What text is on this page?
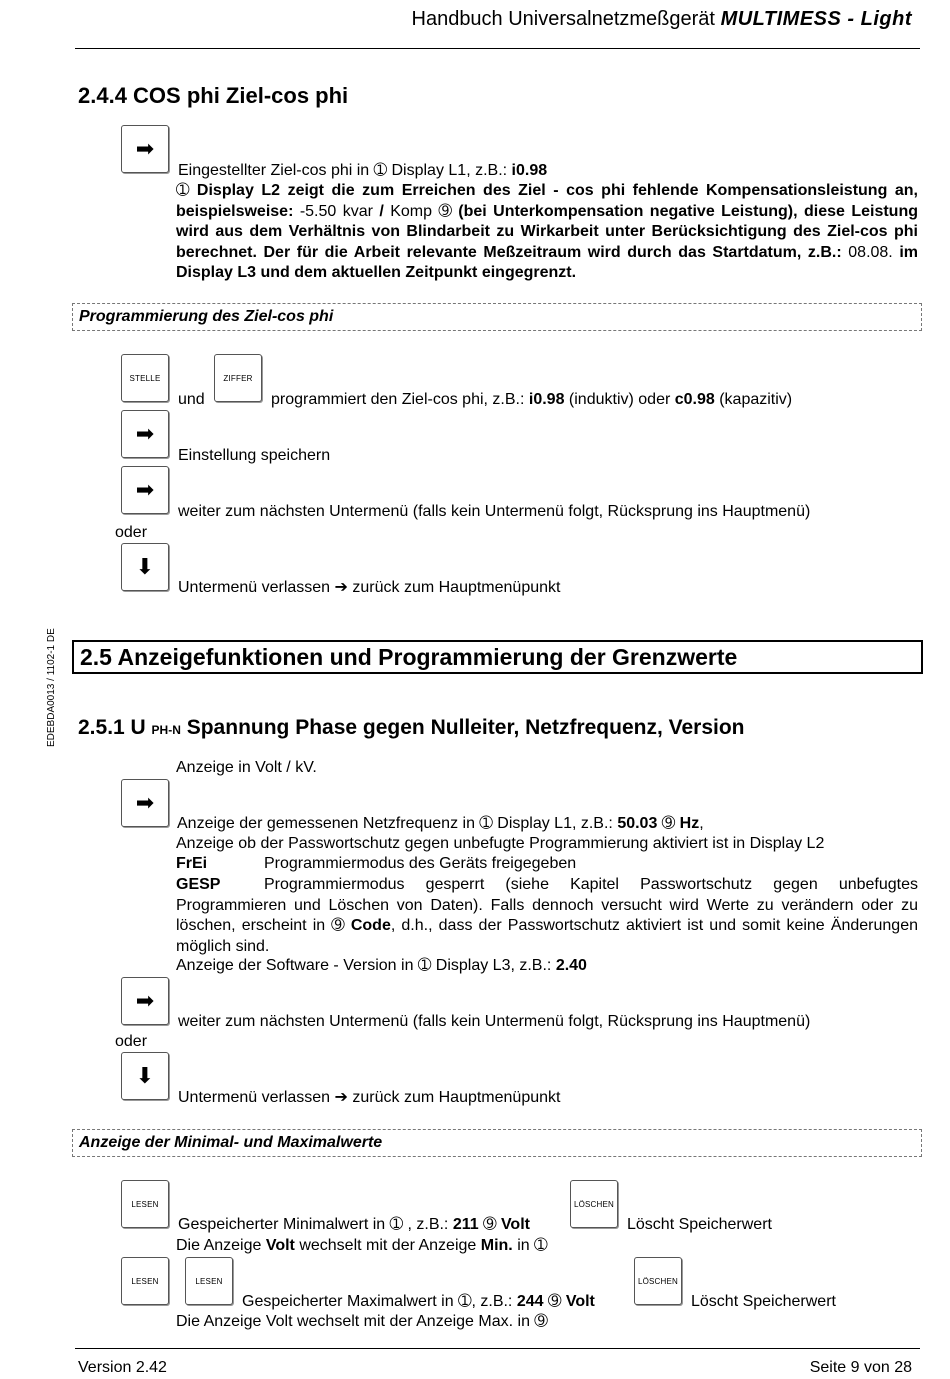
Handbuch Universalnetzmeßgerät MULTIMESS - Light
EDEBDA0013 / 1102-1 DE
2.4.4 COS phi Ziel-cos phi
➡
Eingestellter Ziel-cos phi in ➀ Display L1, z.B.: i0.98
➀ Display L2 zeigt die zum Erreichen des Ziel - cos phi fehlende Kompensationsleistung an, beispielsweise: -5.50 kvar / Komp ➈ (bei Unterkompensation negative Leistung), diese Leistung wird aus dem Verhältnis von Blindarbeit zu Wirkarbeit unter Berücksichtigung des Ziel-cos phi berechnet. Der für die Arbeit relevante Meßzeitraum wird durch das Startdatum, z.B.: 08.08. im Display L3 und dem aktuellen Zeitpunkt eingegrenzt.
Programmierung des Ziel-cos phi
STELLE
und
ZIFFER
programmiert den Ziel-cos phi, z.B.: i0.98 (induktiv) oder c0.98 (kapazitiv)
➡
Einstellung speichern
➡
weiter zum nächsten Untermenü (falls kein Untermenü folgt, Rücksprung ins Hauptmenü)
oder
⬇
Untermenü verlassen ➔ zurück zum Hauptmenüpunkt
2.5 Anzeigefunktionen und Programmierung der Grenzwerte
2.5.1 U PH-N Spannung Phase gegen Nulleiter, Netzfrequenz, Version
Anzeige in Volt / kV.
➡
Anzeige der gemessenen Netzfrequenz in ➀ Display L1, z.B.: 50.03 ➈ Hz,
Anzeige ob der Passwortschutz gegen unbefugte Programmierung aktiviert ist in Display L2
FrEi	Programmiermodus des Geräts freigegeben
GESP	Programmiermodus gesperrt (siehe Kapitel Passwortschutz gegen unbefugtes Programmieren und Löschen von Daten). Falls dennoch versucht wird Werte zu verändern oder zu löschen, erscheint in ➈ Code, d.h., dass der Passwortschutz aktiviert ist und somit keine Änderungen möglich sind.
Anzeige der Software - Version in ➀ Display L3, z.B.: 2.40
➡
weiter zum nächsten Untermenü (falls kein Untermenü folgt, Rücksprung ins Hauptmenü)
oder
⬇
Untermenü verlassen ➔ zurück zum Hauptmenüpunkt
Anzeige der Minimal- und Maximalwerte
LESEN
Gespeicherter Minimalwert in ➀ , z.B.: 211 ➈ Volt
LÖSCHEN
Löscht Speicherwert
Die Anzeige Volt wechselt mit der Anzeige Min. in ➀
LESEN	LESEN
Gespeicherter Maximalwert in ➀, z.B.: 244 ➈ Volt
LÖSCHEN
Löscht Speicherwert
Die Anzeige Volt wechselt mit der Anzeige Max. in ➈
Version 2.42	Seite 9 von 28
